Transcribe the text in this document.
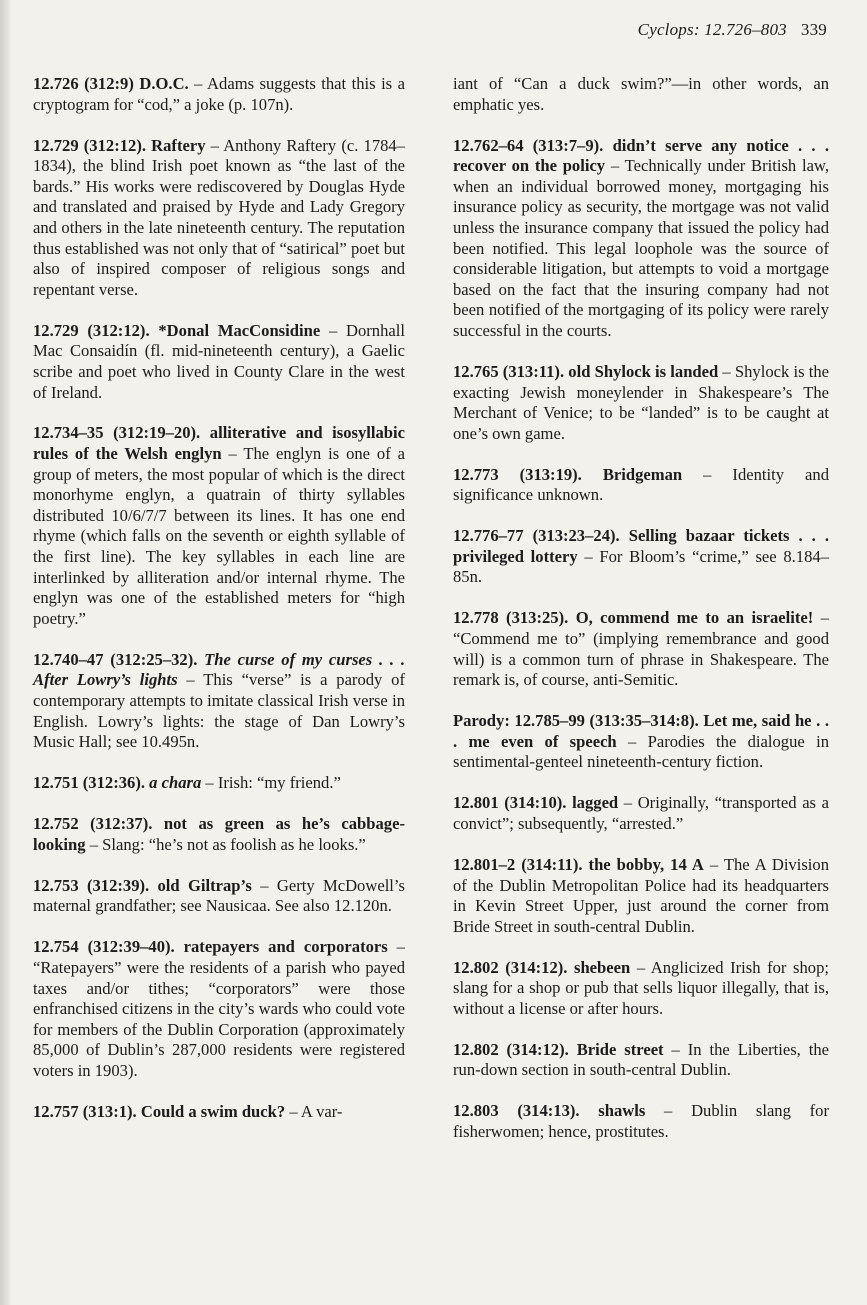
Cyclops: 12.726–803 339

12.726 (312:9) D.O.C. – Adams suggests that this is a cryptogram for “cod,” a joke (p. 107n).

12.729 (312:12). Raftery – Anthony Raftery (c. 1784–1834), the blind Irish poet known as “the last of the bards.” His works were rediscovered by Douglas Hyde and translated and praised by Hyde and Lady Gregory and others in the late nineteenth century. The reputation thus established was not only that of “satirical” poet but also of inspired composer of religious songs and repentant verse.

12.729 (312:12). *Donal MacConsidine – Dornhall Mac Consaidín (fl. mid-nineteenth century), a Gaelic scribe and poet who lived in County Clare in the west of Ireland.

12.734–35 (312:19–20). alliterative and isosyllabic rules of the Welsh englyn – The englyn is one of a group of meters, the most popular of which is the direct monorhyme englyn, a quatrain of thirty syllables distributed 10/6/7/7 between its lines. It has one end rhyme (which falls on the seventh or eighth syllable of the first line). The key syllables in each line are interlinked by alliteration and/or internal rhyme. The englyn was one of the established meters for “high poetry.”

12.740–47 (312:25–32). The curse of my curses . . . After Lowry’s lights – This “verse” is a parody of contemporary attempts to imitate classical Irish verse in English. Lowry’s lights: the stage of Dan Lowry’s Music Hall; see 10.495n.

12.751 (312:36). a chara – Irish: “my friend.”

12.752 (312:37). not as green as he’s cabbage-looking – Slang: “he’s not as foolish as he looks.”

12.753 (312:39). old Giltrap’s – Gerty McDowell’s maternal grandfather; see Nausicaa. See also 12.120n.

12.754 (312:39–40). ratepayers and corporators – “Ratepayers” were the residents of a parish who payed taxes and/or tithes; “corporators” were those enfranchised citizens in the city’s wards who could vote for members of the Dublin Corporation (approximately 85,000 of Dublin’s 287,000 residents were registered voters in 1903).

12.757 (313:1). Could a swim duck? – A var-

iant of “Can a duck swim?”—in other words, an emphatic yes.

12.762–64 (313:7–9). didn’t serve any notice . . . recover on the policy – Technically under British law, when an individual borrowed money, mortgaging his insurance policy as security, the mortgage was not valid unless the insurance company that issued the policy had been notified. This legal loophole was the source of considerable litigation, but attempts to void a mortgage based on the fact that the insuring company had not been notified of the mortgaging of its policy were rarely successful in the courts.

12.765 (313:11). old Shylock is landed – Shylock is the exacting Jewish moneylender in Shakespeare’s The Merchant of Venice; to be “landed” is to be caught at one’s own game.

12.773 (313:19). Bridgeman – Identity and significance unknown.

12.776–77 (313:23–24). Selling bazaar tickets . . . privileged lottery – For Bloom’s “crime,” see 8.184–85n.

12.778 (313:25). O, commend me to an israelite! – “Commend me to” (implying remembrance and good will) is a common turn of phrase in Shakespeare. The remark is, of course, anti-Semitic.

Parody: 12.785–99 (313:35–314:8). Let me, said he . . . me even of speech – Parodies the dialogue in sentimental-genteel nineteenth-century fiction.

12.801 (314:10). lagged – Originally, “transported as a convict”; subsequently, “arrested.”

12.801–2 (314:11). the bobby, 14 A – The A Division of the Dublin Metropolitan Police had its headquarters in Kevin Street Upper, just around the corner from Bride Street in south-central Dublin.

12.802 (314:12). shebeen – Anglicized Irish for shop; slang for a shop or pub that sells liquor illegally, that is, without a license or after hours.

12.802 (314:12). Bride street – In the Liberties, the run-down section in south-central Dublin.

12.803 (314:13). shawls – Dublin slang for fisherwomen; hence, prostitutes.
